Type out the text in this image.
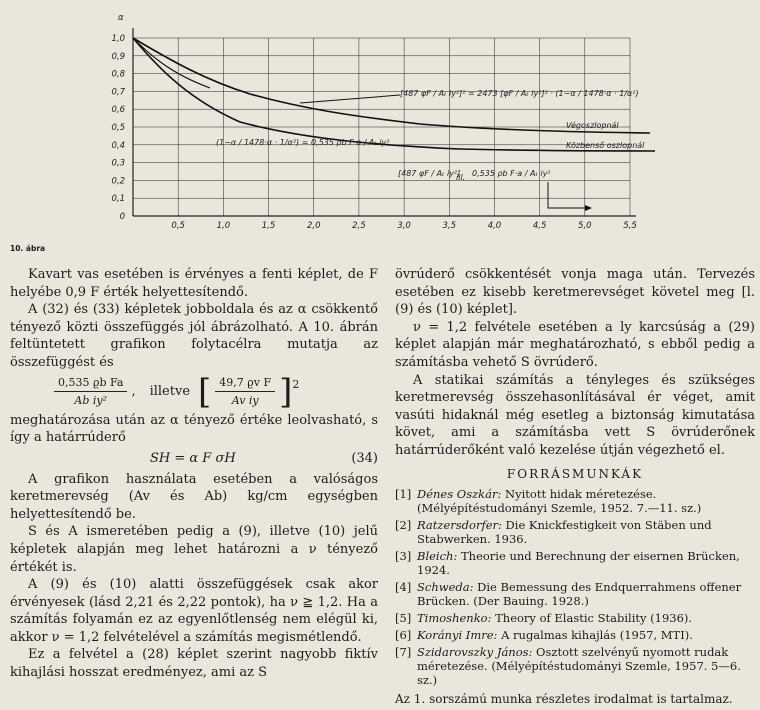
1,0
0,9
0,8
0,7
0,6
0,5
0,4
0,3
0,2
0,1
0
0,5	1,0	1,5	2,0	2,5	3,0	3,5	4,0	4,5	5,0	5,5
α
[487 φF / Aₜ iy²]² = 2473 [φF / Aₜ iy²]² · (1−α / 1478·α · 1/α²)
Végoszlopnál
Közbenső oszlopnál
(1−α / 1478·α · 1/α²) = 0,535 ρb F·a / Aₜ iy²
[487 φF / Aₜ iy²]
ill. 0,535 ρb F·a / Aₜ iy²
10. ábra

Kavart vas esetében is érvényes a fenti képlet, de F helyébe 0,9 F érték helyettesítendő.

A (32) és (33) képletek jobboldala és az α csökkentő tényező közti összefüggés jól ábrázolható. A 10. ábrán feltüntetett grafikon folytacélra mutatja az összefüggést és

$\frac{\text{0,535 ϱb Fa}}{\text{Ab iy²}}$ , illetve [ $\frac{\text{49,7 ϱv F}}{\text{Av iy}}$ ] 2

meghatározása után az α tényező értéke leolvasható, s így a határrúderő

SH = α F σH	(34)

A grafikon használata esetében a valóságos keretmerevség (Av és Ab) kg/cm egységben helyettesítendő be.

S és A ismeretében pedig a (9), illetve (10) jelű képletek alapján meg lehet határozni a ν tényező értékét is.

A (9) és (10) alatti összefüggések csak akor érvényesek (lásd 2,21 és 2,22 pontok), ha ν ≧ 1,2. Ha a számítás folyamán ez az egyenlőtlenség nem elégül ki, akkor ν = 1,2 felvételével a számítás megismétlendő.

Ez a felvétel a (28) képlet szerint nagyobb fiktív kihajlási hosszat eredményez, ami az S

övrúderő csökkentését vonja maga után. Tervezés esetében ez kisebb keretmerevséget követel meg [l. (9) és (10) képlet].

ν = 1,2 felvétele esetében a ly karcsúság a (29) képlet alapján már meghatározható, s ebből pedig a számításba vehető S övrúderő.

A statikai számítás a tényleges és szükséges keretmerevség összehasonlításával ér véget, amit vasúti hidaknál még esetleg a biztonság kimutatása követ, ami a számításba vett S övrúderőnek határrúderőként való kezelése útján végezhető el.

FORRÁSMUNKÁK
[1] Dénes Oszkár: Nyitott hidak méretezése. (Mélyépítéstudományi Szemle, 1952. 7.—11. sz.)
[2] Ratzersdorfer: Die Knickfestigkeit von Stäben und Stabwerken. 1936.
[3] Bleich: Theorie und Berechnung der eisernen Brücken, 1924.
[4] Schweda: Die Bemessung des Endquerrahmens offener Brücken. (Der Bauing. 1928.)
[5] Timoshenko: Theory of Elastic Stability (1936).
[6] Korányi Imre: A rugalmas kihajlás (1957, MTI).
[7] Szidarovszky János: Osztott szelvényű nyomott rudak méretezése. (Mélyépítéstudományi Szemle, 1957. 5—6. sz.)

Az 1. sorszámú munka részletes irodalmat is tartalmaz.
